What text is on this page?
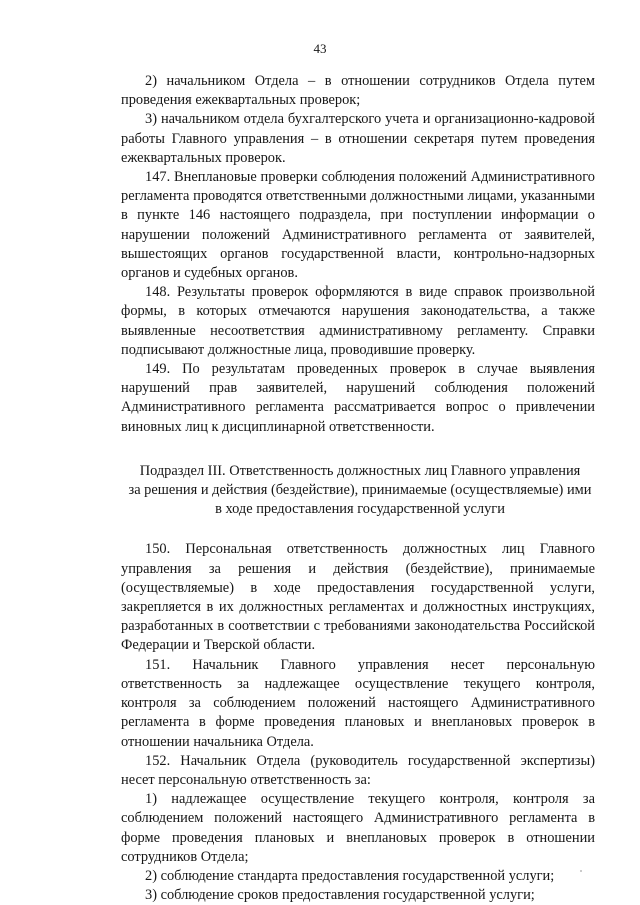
43

2) начальником Отдела – в отношении сотрудников Отдела путем проведения ежеквартальных проверок;

3) начальником отдела бухгалтерского учета и организационно-кадровой работы Главного управления – в отношении секретаря путем проведения ежеквартальных проверок.

147. Внеплановые проверки соблюдения положений Административного регламента проводятся ответственными должностными лицами, указанными в пункте 146 настоящего подраздела, при поступлении информации о нарушении положений Административного регламента от заявителей, вышестоящих органов государственной власти, контрольно-надзорных органов и судебных органов.

148. Результаты проверок оформляются в виде справок произвольной формы, в которых отмечаются нарушения законодательства, а также выявленные несоответствия административному регламенту. Справки подписывают должностные лица, проводившие проверку.

149. По результатам проведенных проверок в случае выявления нарушений прав заявителей, нарушений соблюдения положений Административного регламента рассматривается вопрос о привлечении виновных лиц к дисциплинарной ответственности.

Подраздел III. Ответственность должностных лиц Главного управления
за решения и действия (бездействие), принимаемые (осуществляемые) ими
в ходе предоставления государственной услуги

150. Персональная ответственность должностных лиц Главного управления за решения и действия (бездействие), принимаемые (осуществляемые) в ходе предоставления государственной услуги, закрепляется в их должностных регламентах и должностных инструкциях, разработанных в соответствии с требованиями законодательства Российской Федерации и Тверской области.

151. Начальник Главного управления несет персональную ответственность за надлежащее осуществление текущего контроля, контроля за соблюдением положений настоящего Административного регламента в форме проведения плановых и внеплановых проверок в отношении начальника Отдела.

152. Начальник Отдела (руководитель государственной экспертизы) несет персональную ответственность за:

1) надлежащее осуществление текущего контроля, контроля за соблюдением положений настоящего Административного регламента в форме проведения плановых и внеплановых проверок в отношении сотрудников Отдела;

2) соблюдение стандарта предоставления государственной услуги;

3) соблюдение сроков предоставления государственной услуги;
